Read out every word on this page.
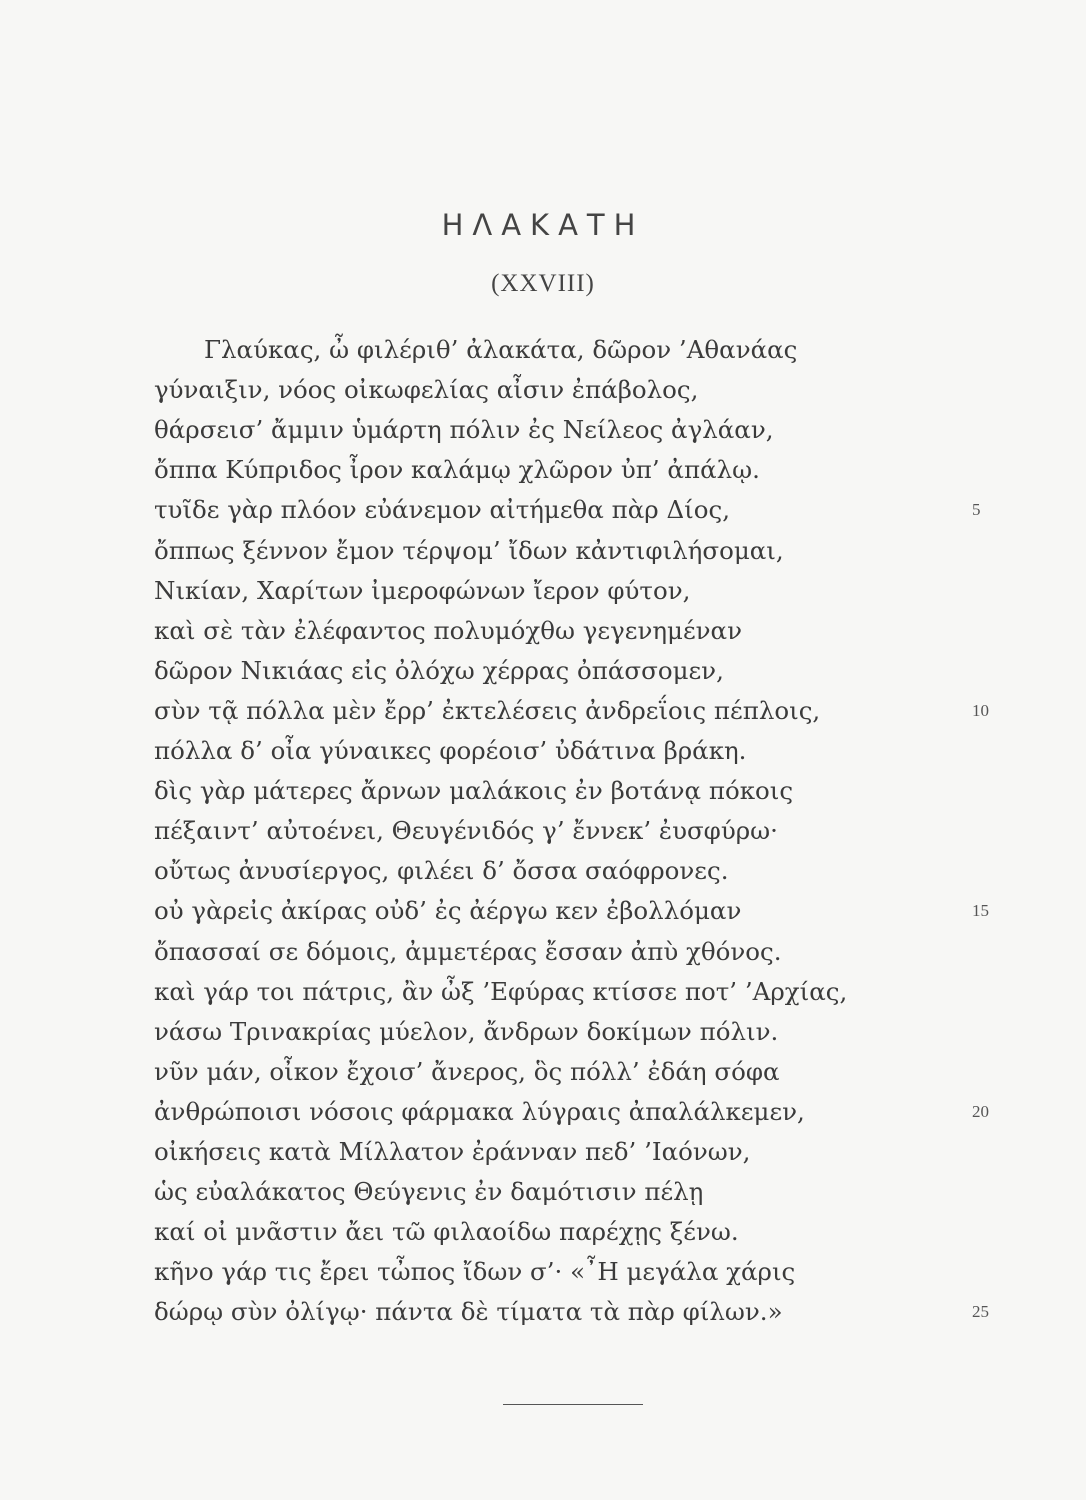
ΗΛΑΚΑΤΗ
(XXVIII)
Γλαύκας, ὦ φιλέριθ’ ἀλακάτα, δῶρον ’Αθανάας
γύναιξιν, νόος οἰκωφελίας αἶσιν ἐπάβολος,
θάρσεισ’ ἄμμιν ὑμάρτη πόλιν ἐς Νείλεος ἀγλάαν,
ὄππα Κύπριδος ἶρον καλάμῳ χλῶρον ὐπ’ ἀπάλῳ.
τυῖδε γὰρ πλόον εὐάνεμον αἰτήμεθα πὰρ Δίος,	5
ὄππως ξέννον ἔμον τέρψομ’ ἴδων κἀντιφιλήσομαι,
Νικίαν, Χαρίτων ἰμεροφώνων ἴερον φύτον,
καὶ σὲ τὰν ἐλέφαντος πολυμόχθω γεγενημέναν
δῶρον Νικιάας εἰς ὀλόχω χέρρας ὀπάσσομεν,
σὺν τᾷ πόλλα μὲν ἔρρ’ ἐκτελέσεις ἀνδρεΐοις πέπλοις,	10
πόλλα δ’ οἶα γύναικες φορέοισ’ ὐδάτινα βράκη.
δὶς γὰρ μάτερες ἄρνων μαλάκοις ἐν βοτάνᾳ πόκοις
πέξαιντ’ αὐτοένει, Θευγένιδός γ’ ἔννεκ’ ἐυσφύρω·
οὔτως ἀνυσίεργος, φιλέει δ’ ὄσσα σαόφρονες.
οὐ γὰρεἰς ἀκίρας οὐδ’ ἐς ἀέργω κεν ἐβολλόμαν	15
ὄπασσαί σε δόμοις, ἀμμετέρας ἔσσαν ἀπὺ χθόνος.
καὶ γάρ τοι πάτρις, ἂν ὦξ ’Εφύρας κτίσσε ποτ’ ’Αρχίας,
νάσω Τρινακρίας μύελον, ἄνδρων δοκίμων πόλιν.
νῦν μάν, οἶκον ἔχοισ’ ἄνερος, ὃς πόλλ’ ἐδάη σόφα
ἀνθρώποισι νόσοις φάρμακα λύγραις ἀπαλάλκεμεν,	20
οἰκήσεις κατὰ Μίλλατον ἐράνναν πεδ’ ’Ιαόνων,
ὡς εὐαλάκατος Θεύγενις ἐν δαμότισιν πέλῃ
καί οἰ μνᾶστιν ἄει τῶ φιλαοίδω παρέχῃς ξένω.
κῆνο γάρ τις ἔρει τὦπος ἴδων σ’· «῏Η μεγάλα χάρις
δώρῳ σὺν ὀλίγῳ· πάντα δὲ τίματα τὰ πὰρ φίλων.»	25
